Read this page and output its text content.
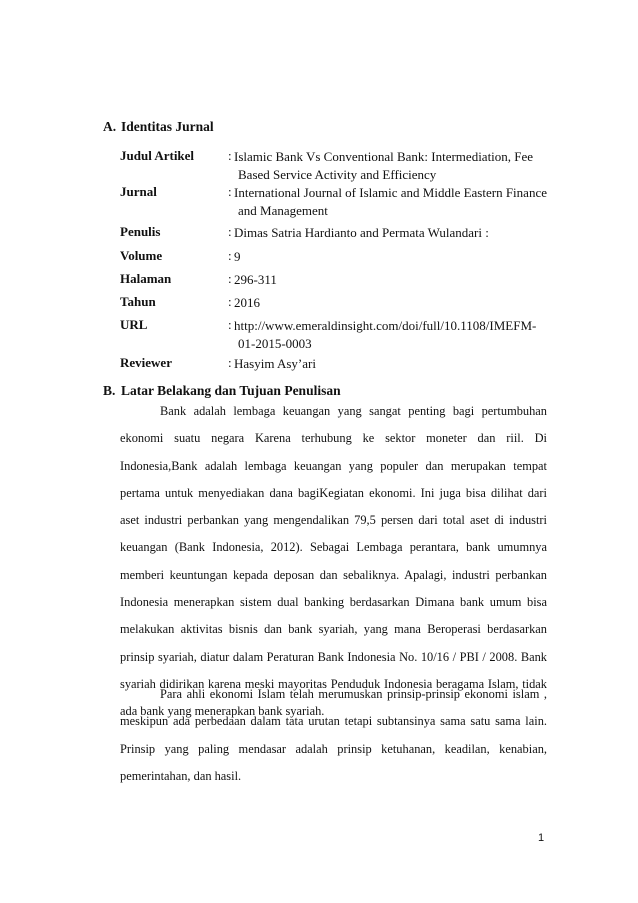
A. Identitas Jurnal
Judul Artikel	: Islamic Bank Vs Conventional Bank: Intermediation, Fee Based Service Activity and Efficiency
Jurnal	: International Journal of Islamic and Middle Eastern Finance and Management
Penulis	: Dimas Satria Hardianto and Permata Wulandari :
Volume	: 9
Halaman	: 296-311
Tahun	: 2016
URL	: http://www.emeraldinsight.com/doi/full/10.1108/IMEFM-01-2015-0003
Reviewer	: Hasyim Asy’ari
B. Latar Belakang dan Tujuan Penulisan

Bank adalah lembaga keuangan yang sangat penting bagi pertumbuhan ekonomi suatu negara Karena terhubung ke sektor moneter dan riil. Di Indonesia,Bank adalah lembaga keuangan yang populer dan merupakan tempat pertama untuk menyediakan dana bagiKegiatan ekonomi. Ini juga bisa dilihat dari aset industri perbankan yang mengendalikan 79,5 persen dari total aset di industri keuangan (Bank Indonesia, 2012). Sebagai Lembaga perantara, bank umumnya memberi keuntungan kepada deposan dan sebaliknya. Apalagi, industri perbankan Indonesia menerapkan sistem dual banking berdasarkan Dimana bank umum bisa melakukan aktivitas bisnis dan bank syariah, yang mana Beroperasi berdasarkan prinsip syariah, diatur dalam Peraturan Bank Indonesia No. 10/16 / PBI / 2008. Bank syariah didirikan karena meski mayoritas Penduduk Indonesia beragama Islam, tidak ada bank yang menerapkan bank syariah.

Para ahli ekonomi Islam telah merumuskan prinsip-prinsip ekonomi islam , meskipun ada perbedaan dalam tata urutan tetapi subtansinya sama satu sama lain. Prinsip yang paling mendasar adalah prinsip ketuhanan, keadilan, kenabian, pemerintahan, dan hasil.

1
